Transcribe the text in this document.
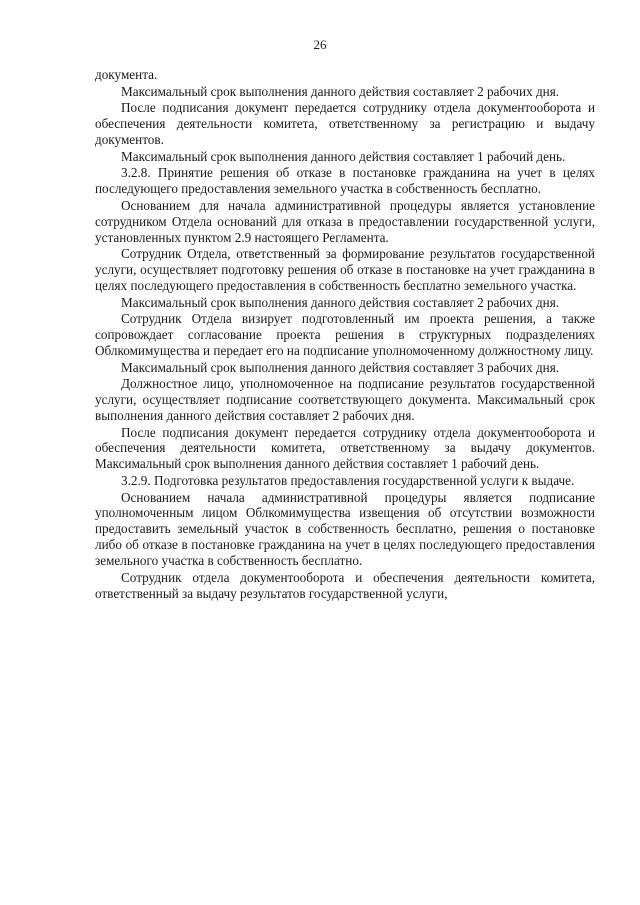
26

документа.

Максимальный срок выполнения данного действия составляет 2 рабочих дня.

После подписания документ передается сотруднику отдела документооборота и обеспечения деятельности комитета, ответственному за регистрацию и выдачу документов.

Максимальный срок выполнения данного действия составляет 1 рабочий день.

3.2.8. Принятие решения об отказе в постановке гражданина на учет в целях последующего предоставления земельного участка в собственность бесплатно.

Основанием для начала административной процедуры является установление сотрудником Отдела оснований для отказа в предоставлении государственной услуги, установленных пунктом 2.9 настоящего Регламента.

Сотрудник Отдела, ответственный за формирование результатов государственной услуги, осуществляет подготовку решения об отказе в постановке на учет гражданина в целях последующего предоставления в собственность бесплатно земельного участка.

Максимальный срок выполнения данного действия составляет 2 рабочих дня.

Сотрудник Отдела визирует подготовленный им проекта решения, а также сопровождает согласование проекта решения в структурных подразделениях Облкомимущества и передает его на подписание уполномоченному должностному лицу.

Максимальный срок выполнения данного действия составляет 3 рабочих дня.

Должностное лицо, уполномоченное на подписание результатов государственной услуги, осуществляет подписание соответствующего документа. Максимальный срок выполнения данного действия составляет 2 рабочих дня.

После подписания документ передается сотруднику отдела документооборота и обеспечения деятельности комитета, ответственному за выдачу документов. Максимальный срок выполнения данного действия составляет 1 рабочий день.

3.2.9. Подготовка результатов предоставления государственной услуги к выдаче.

Основанием начала административной процедуры является подписание уполномоченным лицом Облкомимущества извещения об отсутствии возможности предоставить земельный участок в собственность бесплатно, решения о постановке либо об отказе в постановке гражданина на учет в целях последующего предоставления земельного участка в собственность бесплатно.

Сотрудник отдела документооборота и обеспечения деятельности комитета, ответственный за выдачу результатов государственной услуги,
